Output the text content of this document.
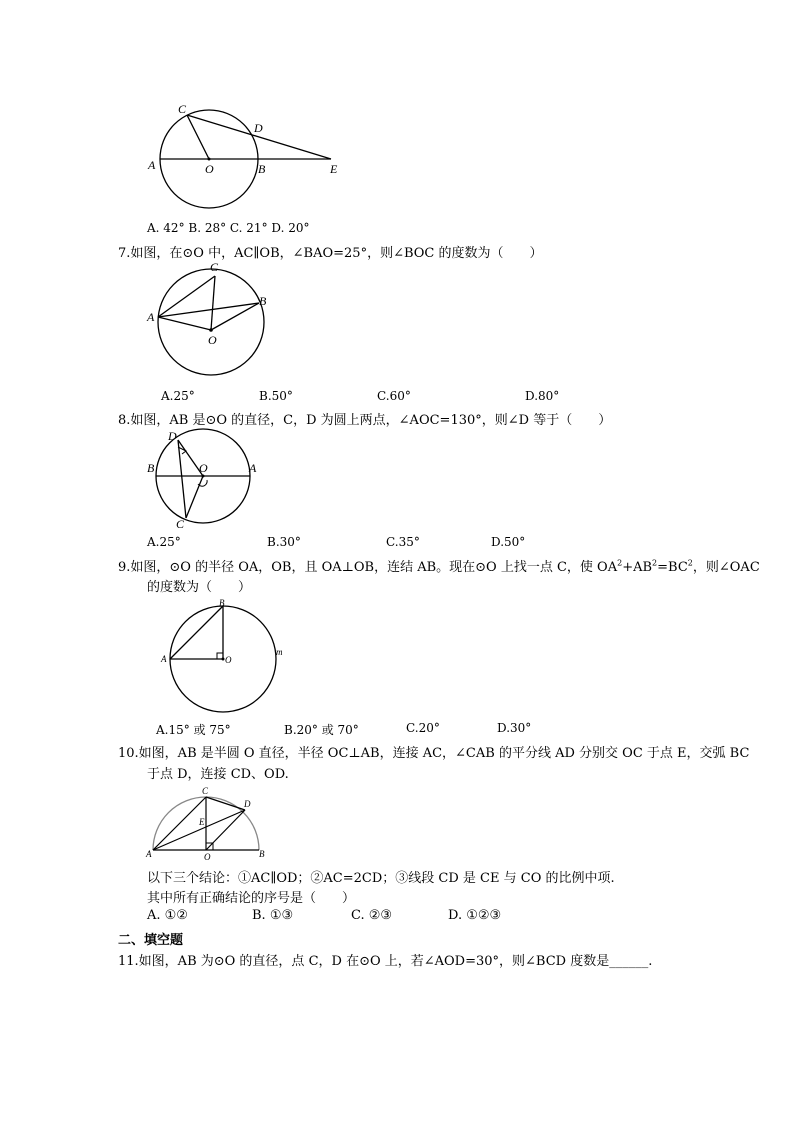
C
D
A	O	B	E
A. 42° B. 28° C. 21° D. 20°
7.如图，在⊙O 中，AC∥OB，∠BAO=25°，则∠BOC 的度数为（　　）
C
B
A
O
A.25°	B.50°	C.60°	D.80°
8.如图，AB 是⊙O 的直径，C，D 为圆上两点，∠AOC=130°，则∠D 等于（　　）
D
B	O	A
C
A.25°	B.30°	C.35°	D.50°
9.如图，⊙O 的半径 OA，OB，且 OA⊥OB，连结 AB。现在⊙O 上找一点 C，使 $OA^2+AB^2=BC^2$，则∠OAC
的度数为（　　）
B
A	O
m
A.15° 或 75°	B.20° 或 70°	C.20°	D.30°
10.如图，AB 是半圆 O 直径，半径 OC⊥AB，连接 AC，∠CAB 的平分线 AD 分别交 OC 于点 E，交弧 BC
于点 D，连接 CD、OD.
C
D
E
A	O	B
以下三个结论：①AC∥OD；②AC=2CD；③线段 CD 是 CE 与 CO 的比例中项.
其中所有正确结论的序号是（　　）
A. ①②	B. ①③	C. ②③	D. ①②③
二、填空题
11.如图，AB 为⊙O 的直径，点 C，D 在⊙O 上，若∠AOD=30°，则∠BCD 度数是______.
